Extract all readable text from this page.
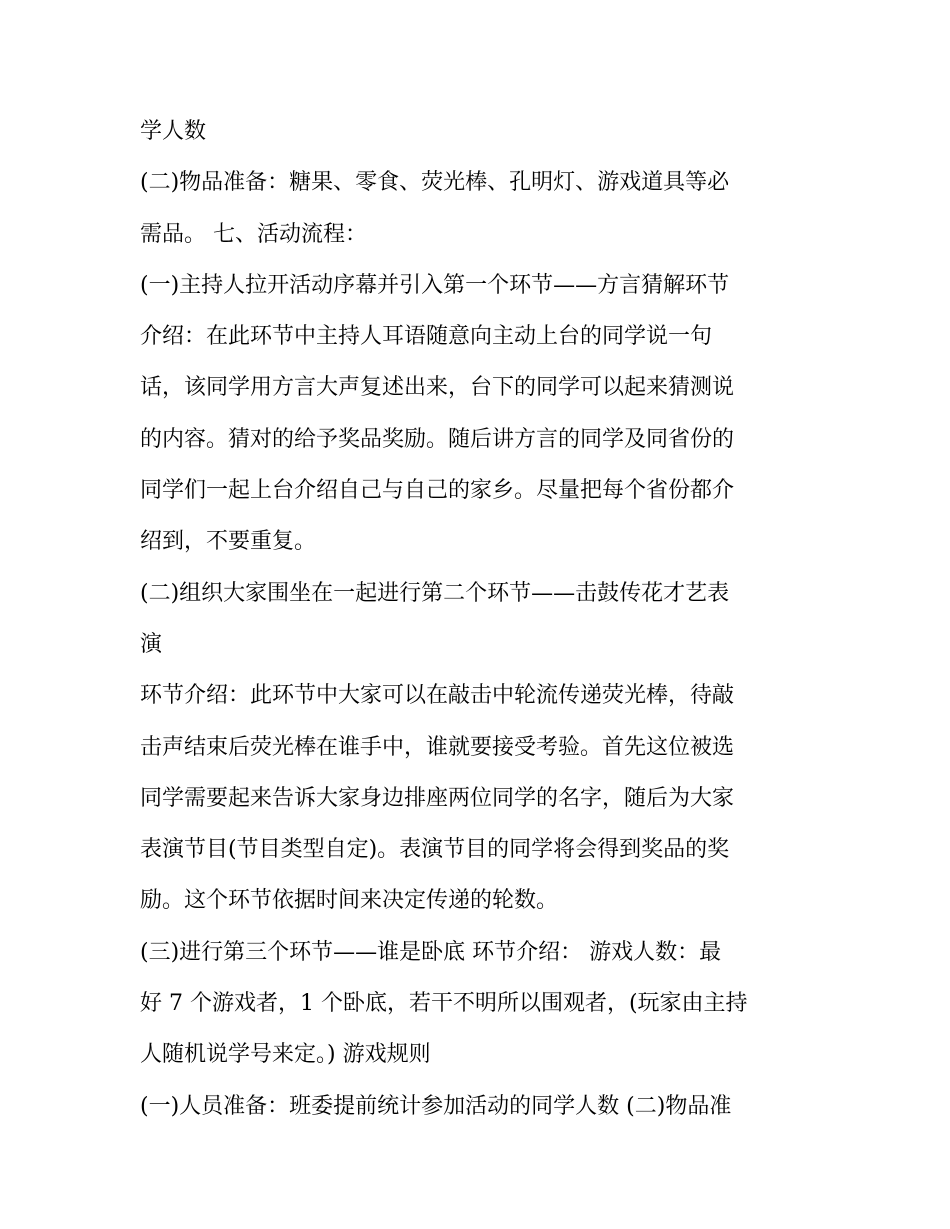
学人数
(二)物品准备：糖果、零食、荧光棒、孔明灯、游戏道具等必
需品。 七、活动流程：
(一)主持人拉开活动序幕并引入第一个环节——方言猜解环节
介绍：在此环节中主持人耳语随意向主动上台的同学说一句
话，该同学用方言大声复述出来，台下的同学可以起来猜测说
的内容。猜对的给予奖品奖励。随后讲方言的同学及同省份的
同学们一起上台介绍自己与自己的家乡。尽量把每个省份都介
绍到，不要重复。
(二)组织大家围坐在一起进行第二个环节——击鼓传花才艺表
演
环节介绍：此环节中大家可以在敲击中轮流传递荧光棒，待敲
击声结束后荧光棒在谁手中，谁就要接受考验。首先这位被选
同学需要起来告诉大家身边排座两位同学的名字，随后为大家
表演节目(节目类型自定)。表演节目的同学将会得到奖品的奖
励。这个环节依据时间来决定传递的轮数。
(三)进行第三个环节——谁是卧底 环节介绍： 游戏人数：最
好 7 个游戏者，1 个卧底，若干不明所以围观者，(玩家由主持
人随机说学号来定。) 游戏规则
(一)人员准备：班委提前统计参加活动的同学人数 (二)物品准
